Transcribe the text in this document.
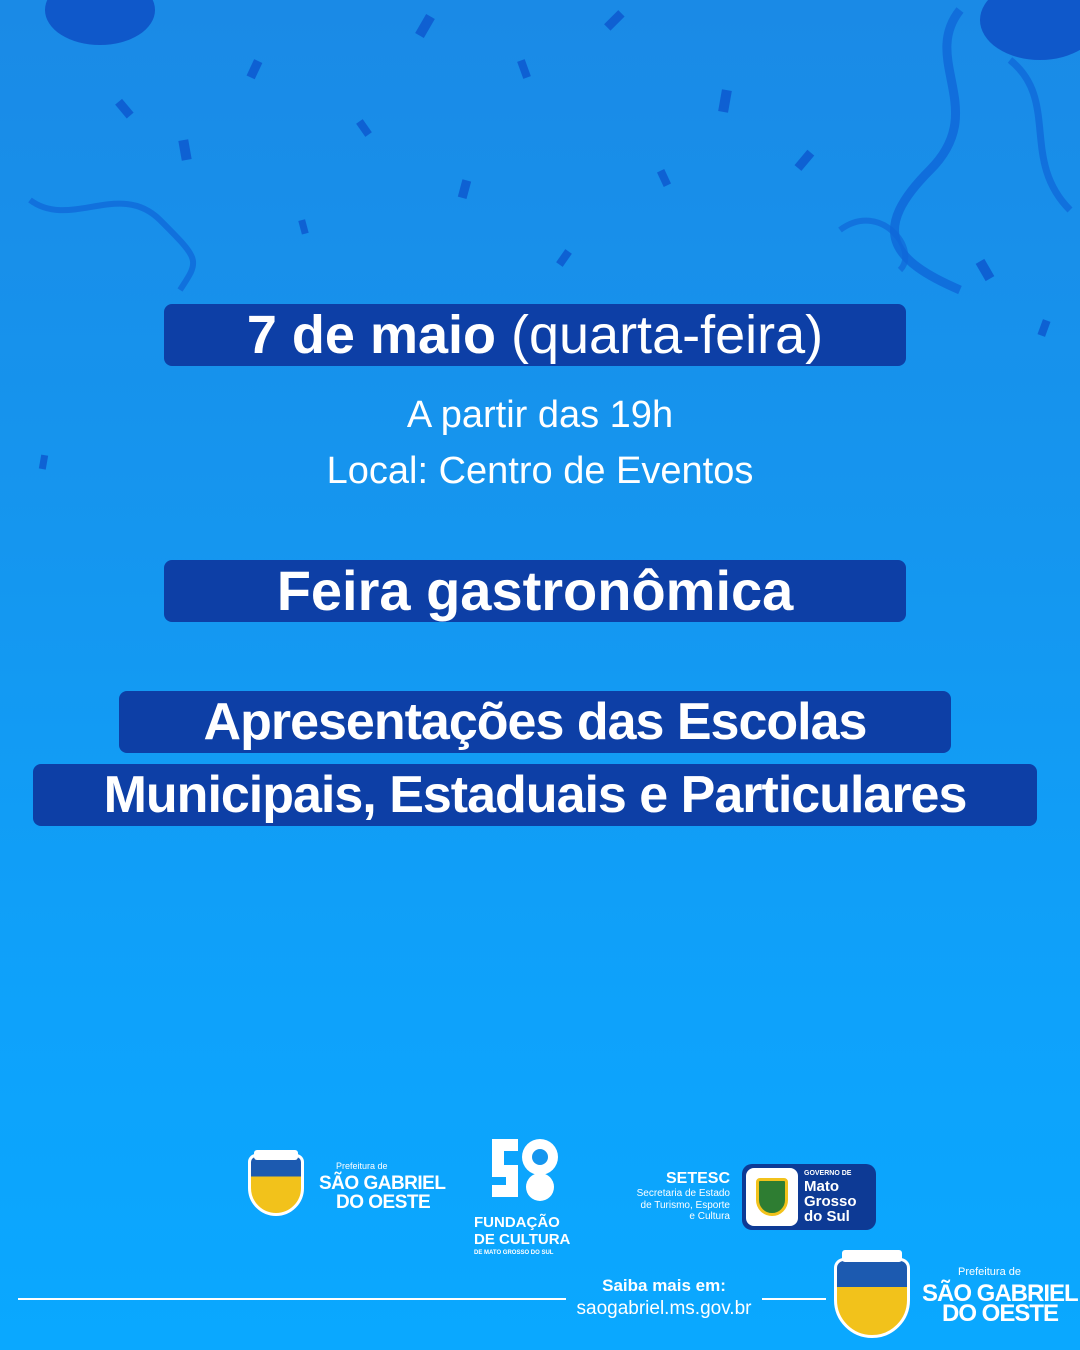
7 de maio (quarta-feira)
A partir das 19h
Local: Centro de Eventos
Feira gastronômica
Apresentações das Escolas
Municipais, Estaduais e Particulares
Prefeitura de
SÃO GABRIEL
DO OESTE
FUNDAÇÃO
DE CULTURA
DE MATO GROSSO DO SUL
SETESC
Secretaria de Estado
de Turismo, Esporte
e Cultura
GOVERNO DE
Mato
Grosso
do Sul
Saiba mais em:
saogabriel.ms.gov.br
Prefeitura de
SÃO GABRIEL
DO OESTE
